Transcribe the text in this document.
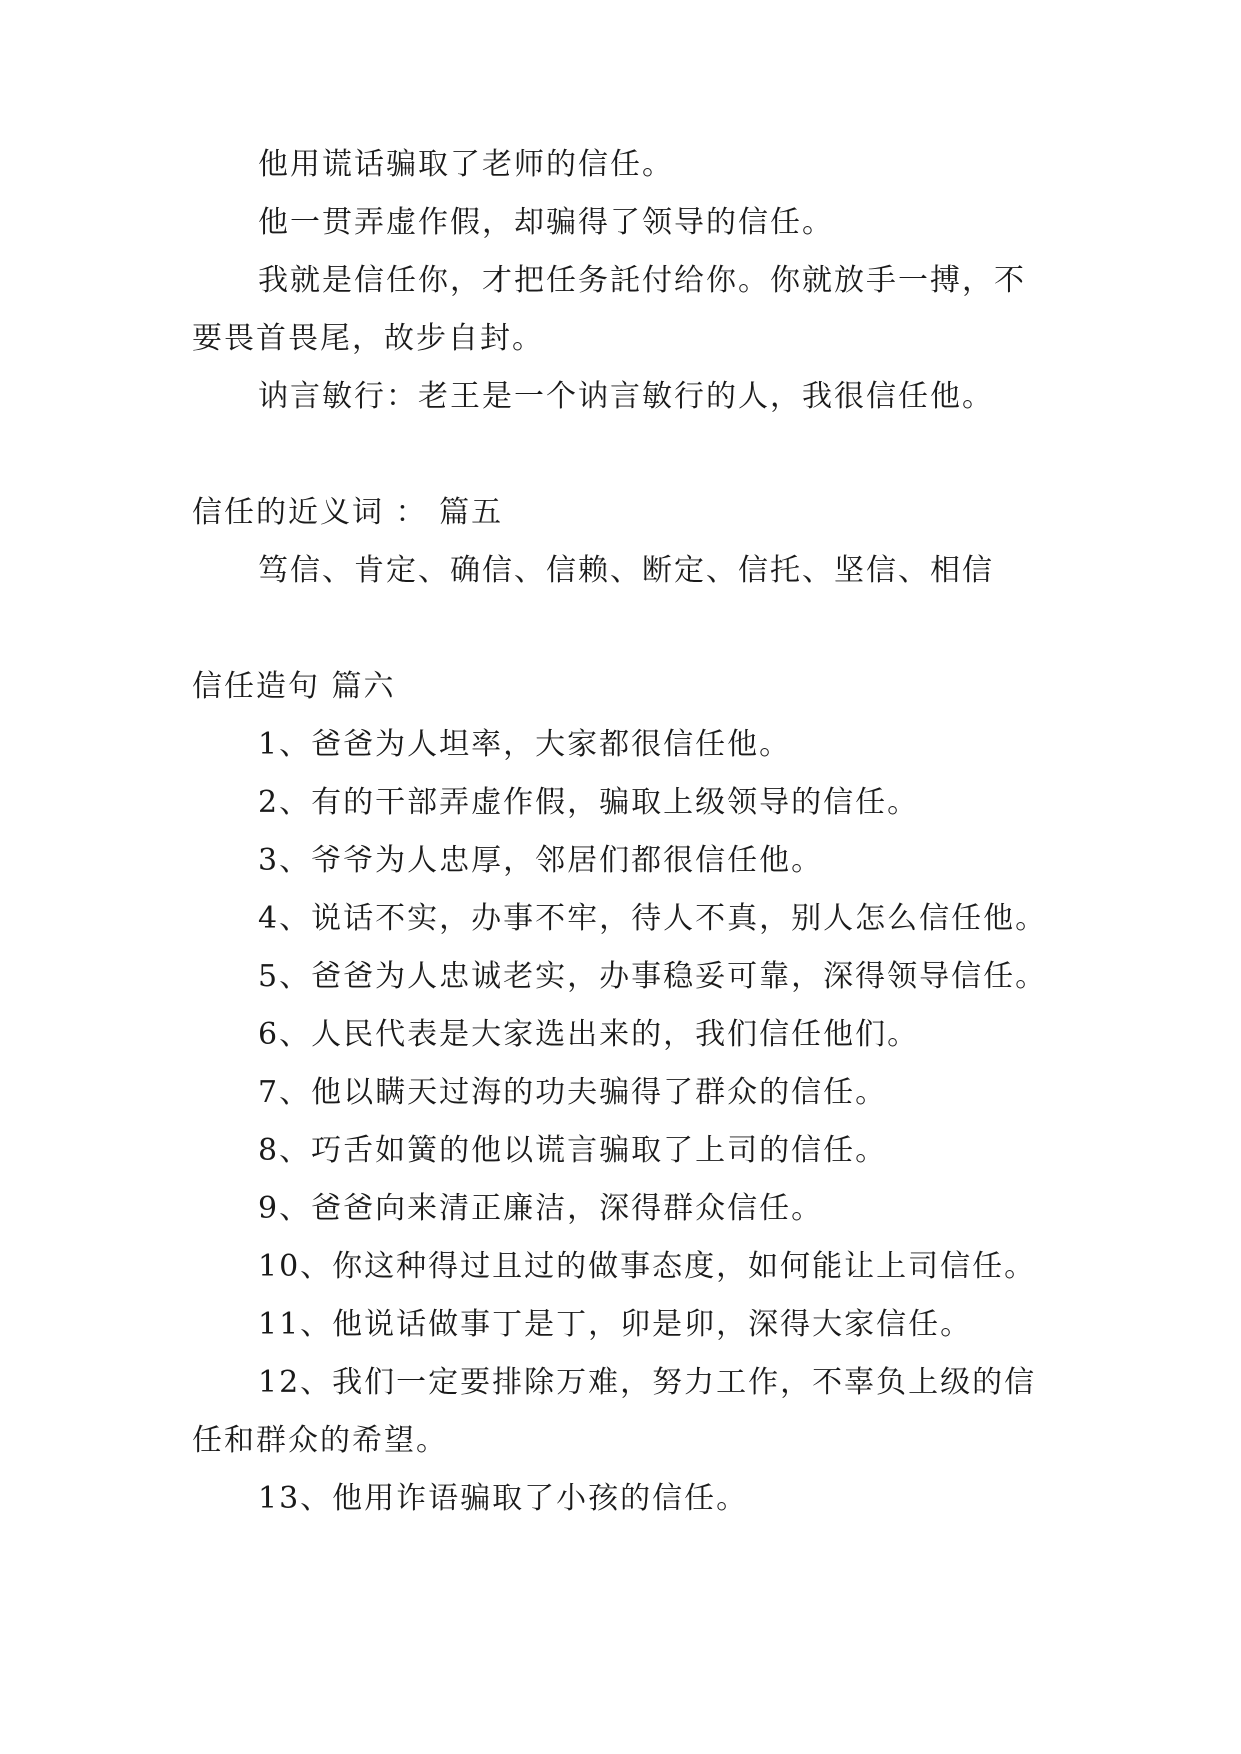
他用谎话骗取了老师的信任。

他一贯弄虚作假，却骗得了领导的信任。

我就是信任你，才把任务託付给你。你就放手一搏，不

要畏首畏尾，故步自封。

讷言敏行：老王是一个讷言敏行的人，我很信任他。

信任的近义词 ： 篇五

笃信、肯定、确信、信赖、断定、信托、坚信、相信

信任造句 篇六

1、爸爸为人坦率，大家都很信任他。

2、有的干部弄虚作假，骗取上级领导的信任。

3、爷爷为人忠厚，邻居们都很信任他。

4、说话不实，办事不牢，待人不真，别人怎么信任他。

5、爸爸为人忠诚老实，办事稳妥可靠，深得领导信任。

6、人民代表是大家选出来的，我们信任他们。

7、他以瞒天过海的功夫骗得了群众的信任。

8、巧舌如簧的他以谎言骗取了上司的信任。

9、爸爸向来清正廉洁，深得群众信任。

10、你这种得过且过的做事态度，如何能让上司信任。

11、他说话做事丁是丁，卯是卯，深得大家信任。

12、我们一定要排除万难，努力工作，不辜负上级的信

任和群众的希望。

13、他用诈语骗取了小孩的信任。
